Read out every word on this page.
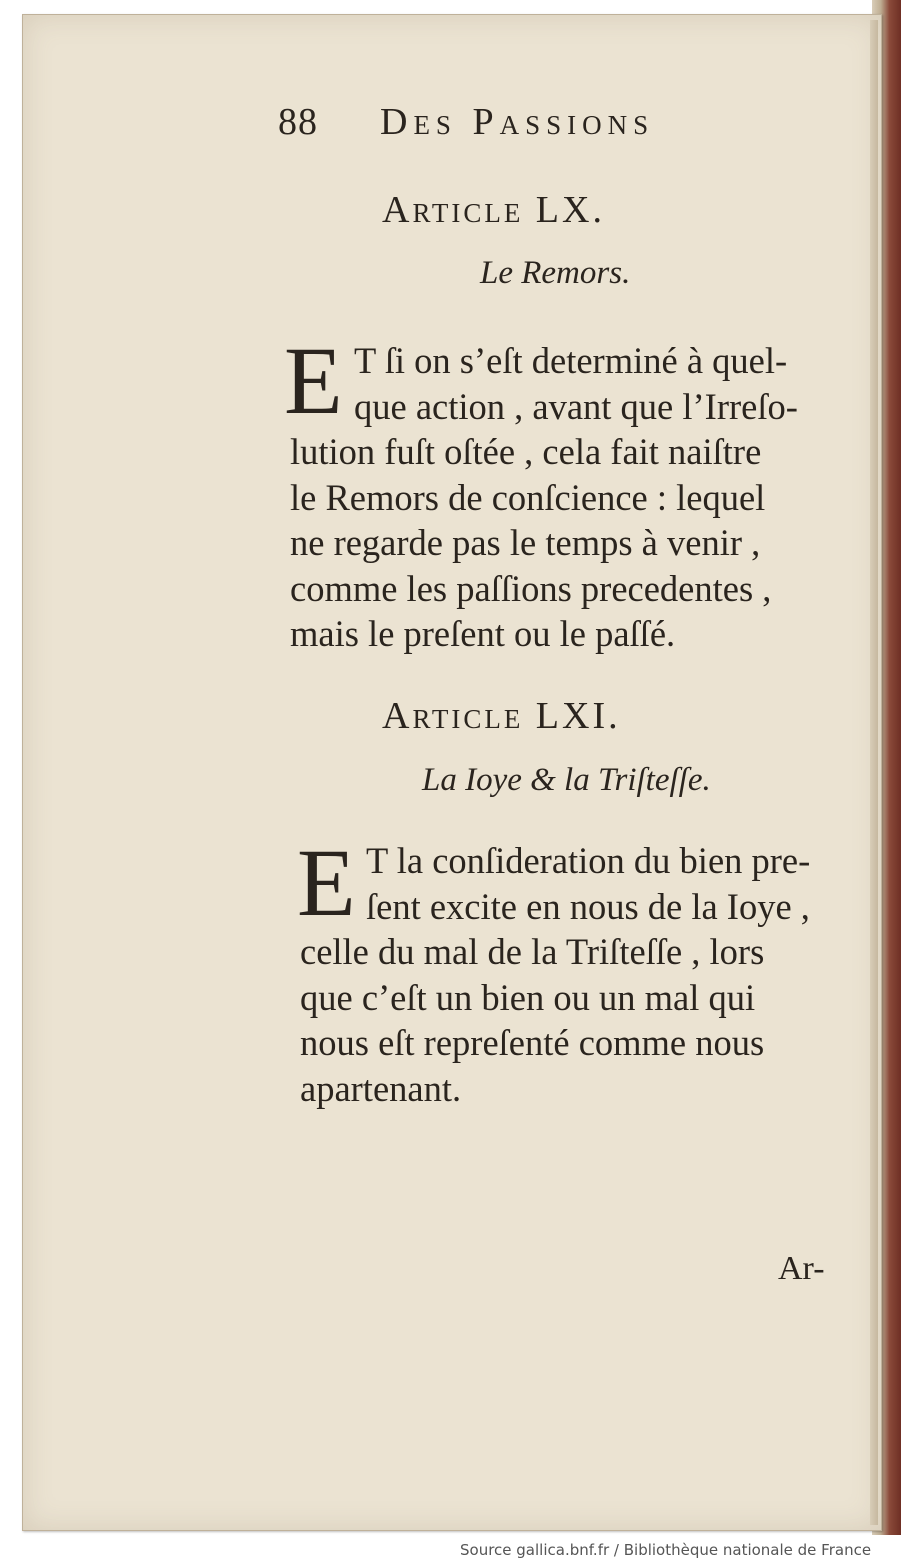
88 Des Passions
Article LX.
Le Remors.
E T ſi on s’eſt determiné à quel-
que action , avant que l’Irreſo-
lution fuſt oſtée , cela fait naiſtre
le Remors de conſcience : lequel
ne regarde pas le temps à venir ,
comme les paſſions precedentes ,
mais le preſent ou le paſſé.
Article LXI.
La Ioye & la Triſteſſe.
E T la conſideration du bien pre-
ſent excite en nous de la Ioye ,
celle du mal de la Triſteſſe , lors
que c’eſt un bien ou un mal qui
nous eſt repreſenté comme nous
apartenant.
Ar-
Source gallica.bnf.fr / Bibliothèque nationale de France
